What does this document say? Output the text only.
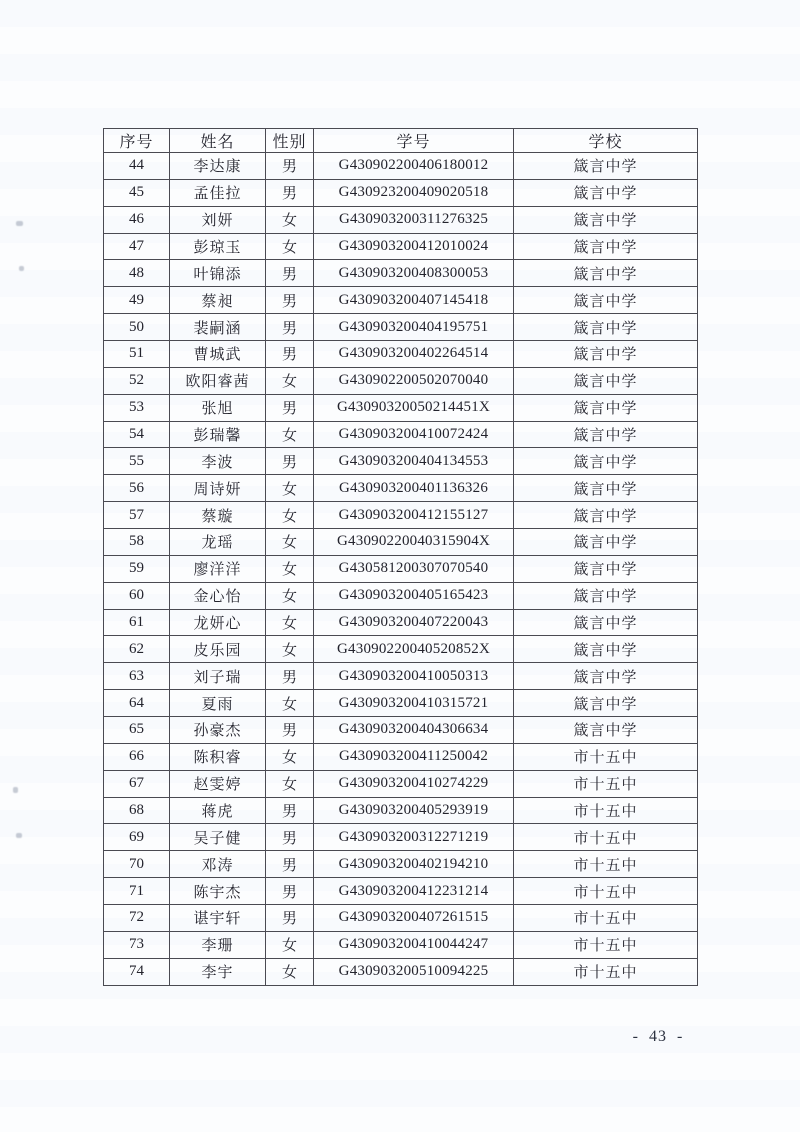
序号	姓名	性别	学号	学校
44	李达康	男	G430902200406180012	箴言中学
45	孟佳拉	男	G430923200409020518	箴言中学
46	刘妍	女	G430903200311276325	箴言中学
47	彭琼玉	女	G430903200412010024	箴言中学
48	叶锦添	男	G430903200408300053	箴言中学
49	蔡昶	男	G430903200407145418	箴言中学
50	裴嗣涵	男	G430903200404195751	箴言中学
51	曹城武	男	G430903200402264514	箴言中学
52	欧阳睿茜	女	G430902200502070040	箴言中学
53	张旭	男	G43090320050214451X	箴言中学
54	彭瑞馨	女	G430903200410072424	箴言中学
55	李波	男	G430903200404134553	箴言中学
56	周诗妍	女	G430903200401136326	箴言中学
57	蔡璇	女	G430903200412155127	箴言中学
58	龙瑶	女	G43090220040315904X	箴言中学
59	廖洋洋	女	G430581200307070540	箴言中学
60	金心怡	女	G430903200405165423	箴言中学
61	龙妍心	女	G430903200407220043	箴言中学
62	皮乐园	女	G43090220040520852X	箴言中学
63	刘子瑞	男	G430903200410050313	箴言中学
64	夏雨	女	G430903200410315721	箴言中学
65	孙豪杰	男	G430903200404306634	箴言中学
66	陈积睿	女	G430903200411250042	市十五中
67	赵雯婷	女	G430903200410274229	市十五中
68	蒋虎	男	G430903200405293919	市十五中
69	吴子健	男	G430903200312271219	市十五中
70	邓涛	男	G430903200402194210	市十五中
71	陈宇杰	男	G430903200412231214	市十五中
72	谌宇轩	男	G430903200407261515	市十五中
73	李珊	女	G430903200410044247	市十五中
74	李宇	女	G430903200510094225	市十五中
- 43 -
